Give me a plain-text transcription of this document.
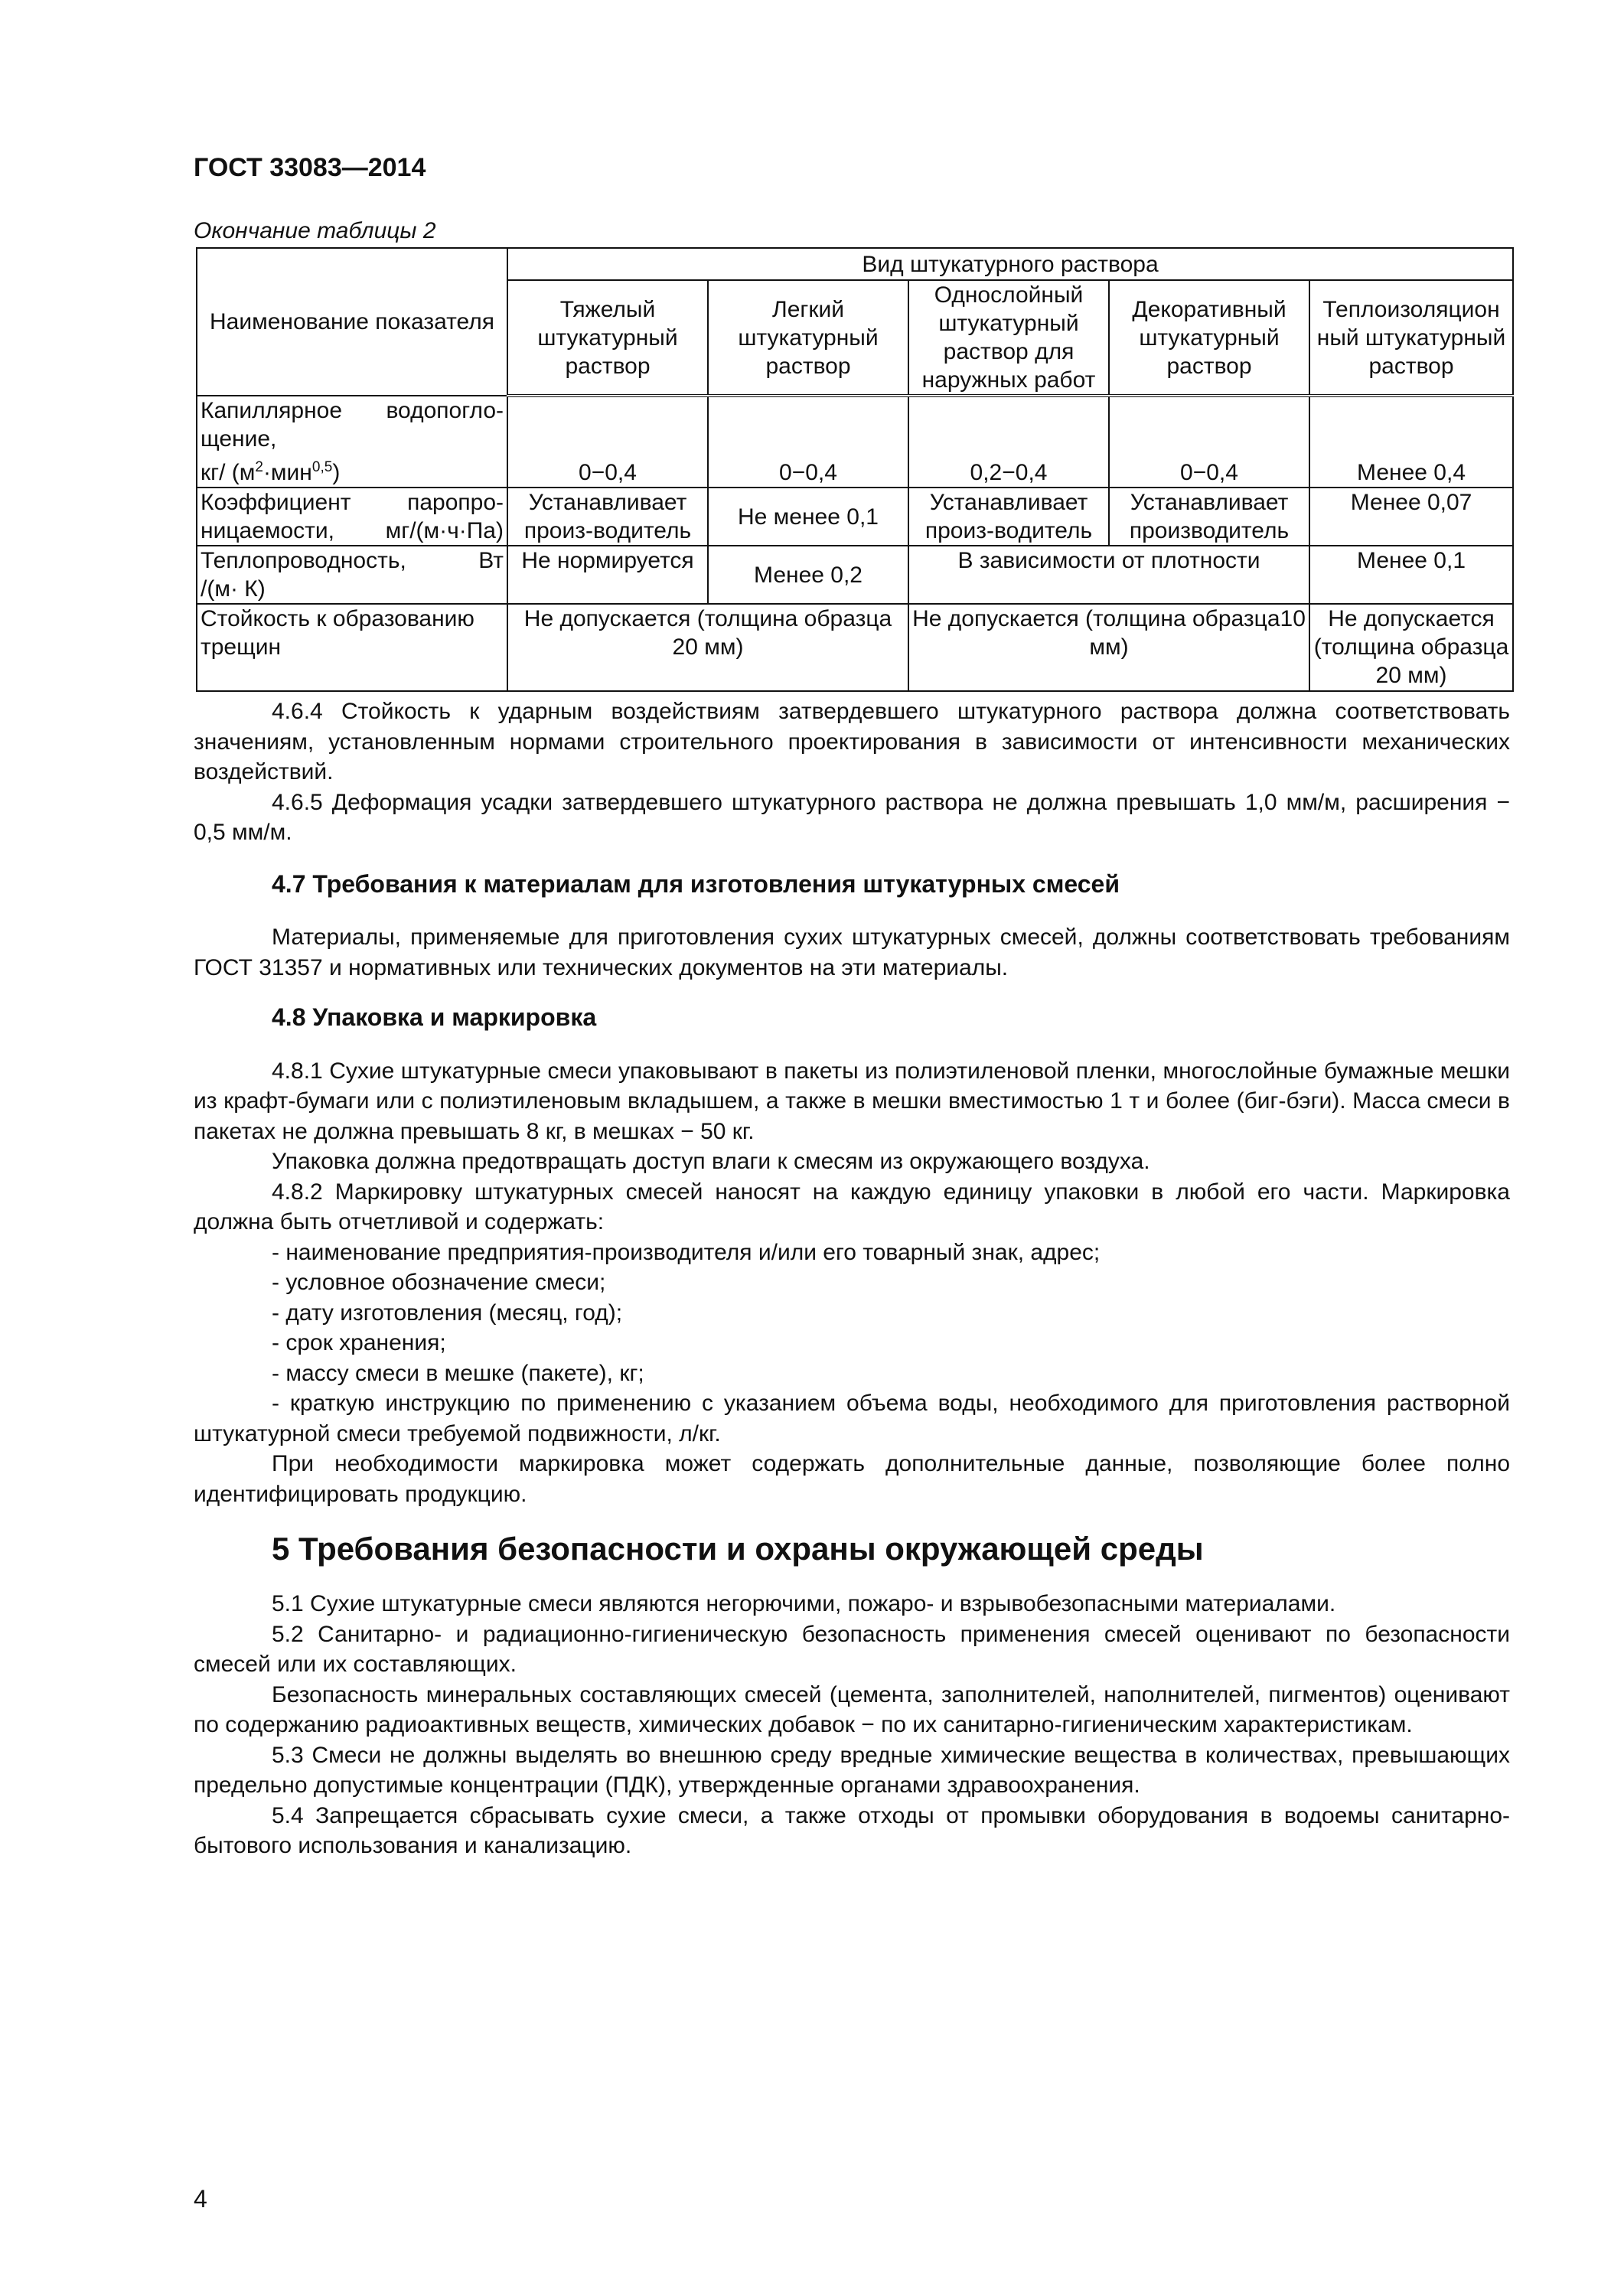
ГОСТ 33083—2014
Окончание таблицы 2
Наименование показателя	Вид штукатурного раствора				
	Тяжелый штукатурный раствор	Легкий штукатурный раствор	Однослойный штукатурный раствор для наружных работ	Декоративный штукатурный раствор	Теплоизоляцион ный штукатурный раствор

Капиллярное водопогло-
щение,
кг/ $(м^2\cdot мин^{0,5})$	0−0,4	0−0,4	0,2−0,4	0−0,4	Менее 0,4

Коэффициент паропро-
ницаемости, мг/(м·ч·Па)	Устанавливает произ-водитель	Не менее 0,1	Устанавливает произ-водитель	Устанавливает производитель	Менее 0,07

Теплопроводность, Вт
/(м· К)	Не нормируется	Менее 0,2	В зависимости от плотности		Менее 0,1
Стойкость к образованию трещин	Не допускается (толщина образца 20 мм)		Не допускается (толщина образца10 мм)		Не допускается (толщина образца 20 мм)

4.6.4 Стойкость к ударным воздействиям затвердевшего штукатурного раствора должна соответствовать значениям, установленным нормами строительного проектирования в зависимости от интенсивности механических воздействий.

4.6.5 Деформация усадки затвердевшего штукатурного раствора не должна превышать 1,0 мм/м, расширения − 0,5 мм/м.

4.7 Требования к материалам для изготовления штукатурных смесей

Материалы, применяемые для приготовления сухих штукатурных смесей, должны соответствовать требованиям ГОСТ 31357 и нормативных или технических документов на эти материалы.

4.8 Упаковка и маркировка

4.8.1 Сухие штукатурные смеси упаковывают в пакеты из полиэтиленовой пленки, многослойные бумажные мешки из крафт-бумаги или с полиэтиленовым вкладышем, а также в мешки вместимостью 1 т и более (биг-бэги). Масса смеси в пакетах не должна превышать 8 кг, в мешках − 50 кг.

Упаковка должна предотвращать доступ влаги к смесям из окружающего воздуха.

4.8.2 Маркировку штукатурных смесей наносят на каждую единицу упаковки в любой его части. Маркировка должна быть отчетливой и содержать:

- наименование предприятия-производителя и/или его товарный знак, адрес;

- условное обозначение смеси;

- дату изготовления (месяц, год);

- срок хранения;

- массу смеси в мешке (пакете), кг;

- краткую инструкцию по применению с указанием объема воды, необходимого для приготовления растворной штукатурной смеси требуемой подвижности, л/кг.

При необходимости маркировка может содержать дополнительные данные, позволяющие более полно идентифицировать продукцию.

5 Требования безопасности и охраны окружающей среды

5.1 Сухие штукатурные смеси являются негорючими, пожаро- и взрывобезопасными материалами.

5.2 Санитарно- и радиационно-гигиеническую безопасность применения смесей оценивают по безопасности смесей или их составляющих.

Безопасность минеральных составляющих смесей (цемента, заполнителей, наполнителей, пигментов) оценивают по содержанию радиоактивных веществ, химических добавок − по их санитарно-гигиеническим характеристикам.

5.3 Смеси не должны выделять во внешнюю среду вредные химические вещества в количествах, превышающих предельно допустимые концентрации (ПДК), утвержденные органами здравоохранения.

5.4 Запрещается сбрасывать сухие смеси, а также отходы от промывки оборудования в водоемы санитарно-бытового использования и канализацию.

4
